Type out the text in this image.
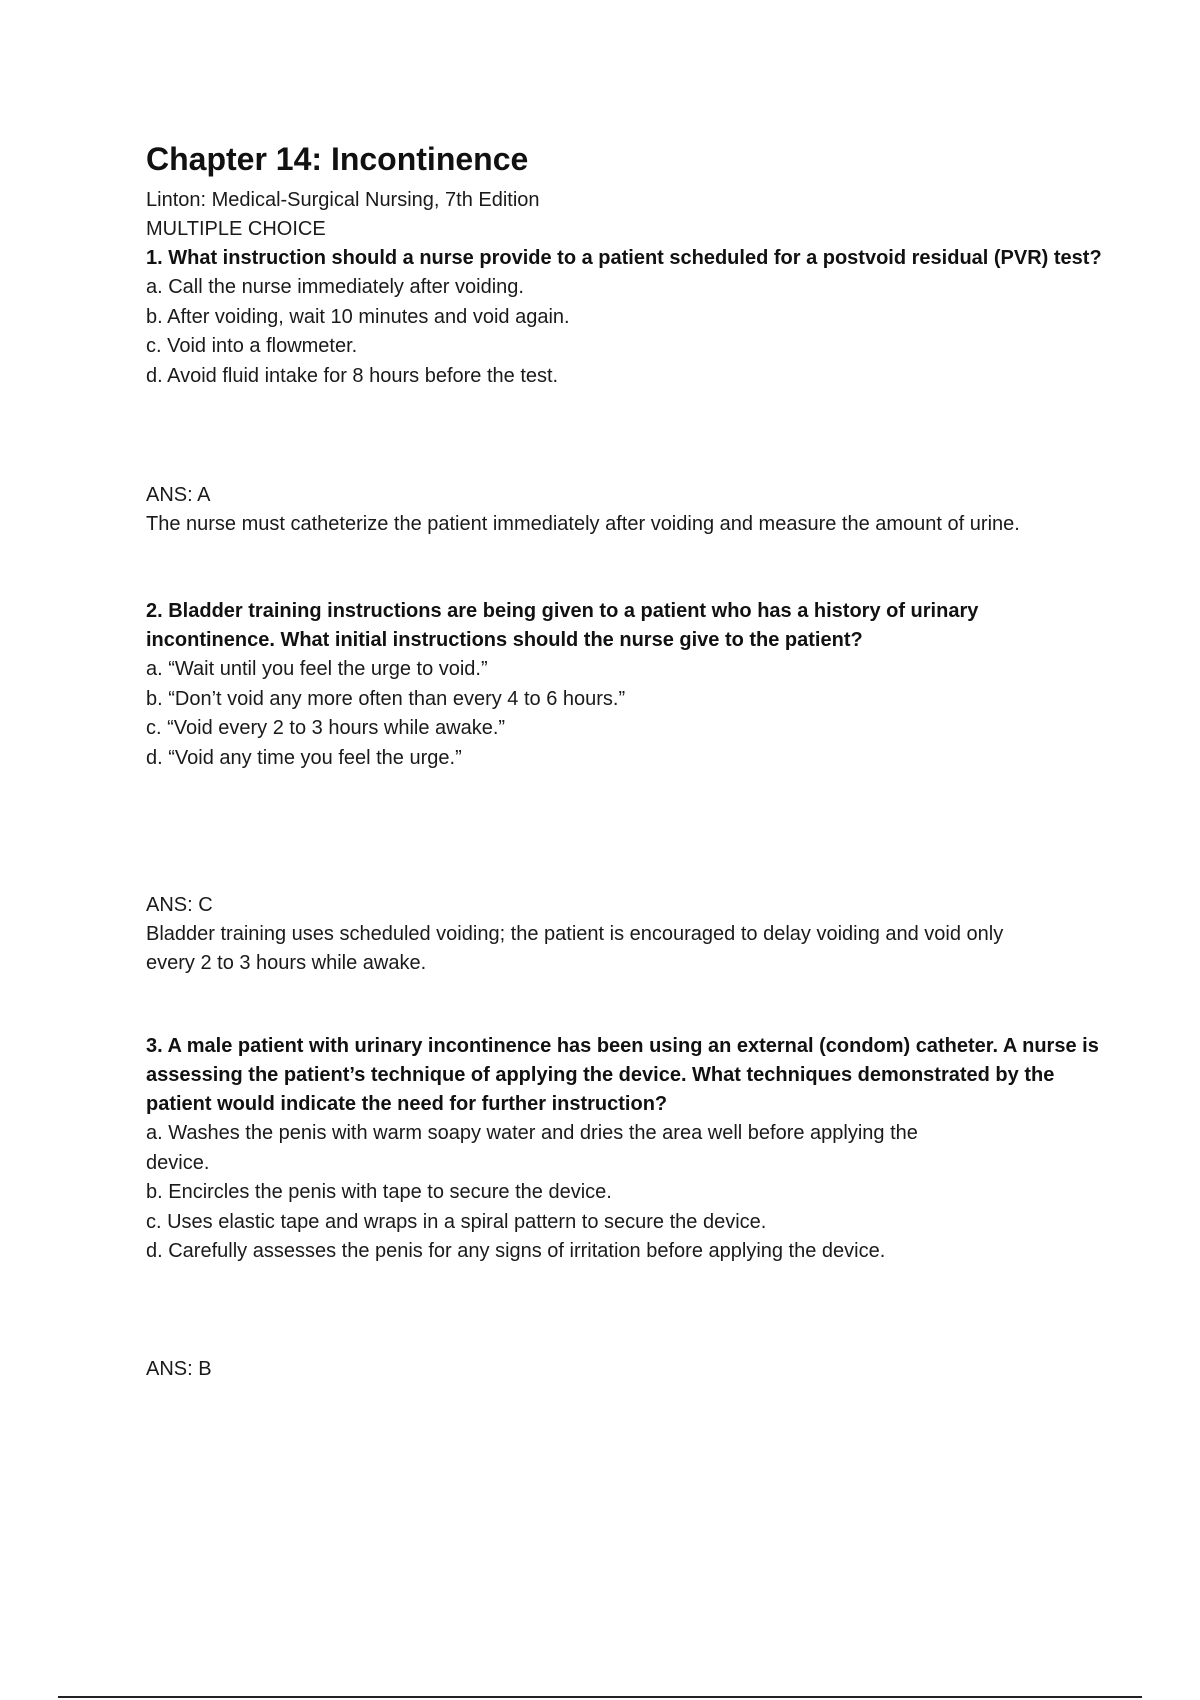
Chapter 14: Incontinence

Linton: Medical-Surgical Nursing, 7th Edition

MULTIPLE CHOICE

1. What instruction should a nurse provide to a patient scheduled for a postvoid residual (PVR) test?

a. Call the nurse immediately after voiding.

b. After voiding, wait 10 minutes and void again.

c. Void into a flowmeter.

d. Avoid fluid intake for 8 hours before the test.

ANS: A

The nurse must catheterize the patient immediately after voiding and measure the amount of urine.

2. Bladder training instructions are being given to a patient who has a history of urinary incontinence. What initial instructions should the nurse give to the patient?

a. “Wait until you feel the urge to void.”

b. “Don’t void any more often than every 4 to 6 hours.”

c. “Void every 2 to 3 hours while awake.”

d. “Void any time you feel the urge.”

ANS: C

Bladder training uses scheduled voiding; the patient is encouraged to delay voiding and void only every 2 to 3 hours while awake.

3. A male patient with urinary incontinence has been using an external (condom) catheter. A nurse is assessing the patient’s technique of applying the device. What techniques demonstrated by the patient would indicate the need for further instruction?

a. Washes the penis with warm soapy water and dries the area well before applying the device.

b. Encircles the penis with tape to secure the device.

c. Uses elastic tape and wraps in a spiral pattern to secure the device.

d. Carefully assesses the penis for any signs of irritation before applying the device.

ANS: B
